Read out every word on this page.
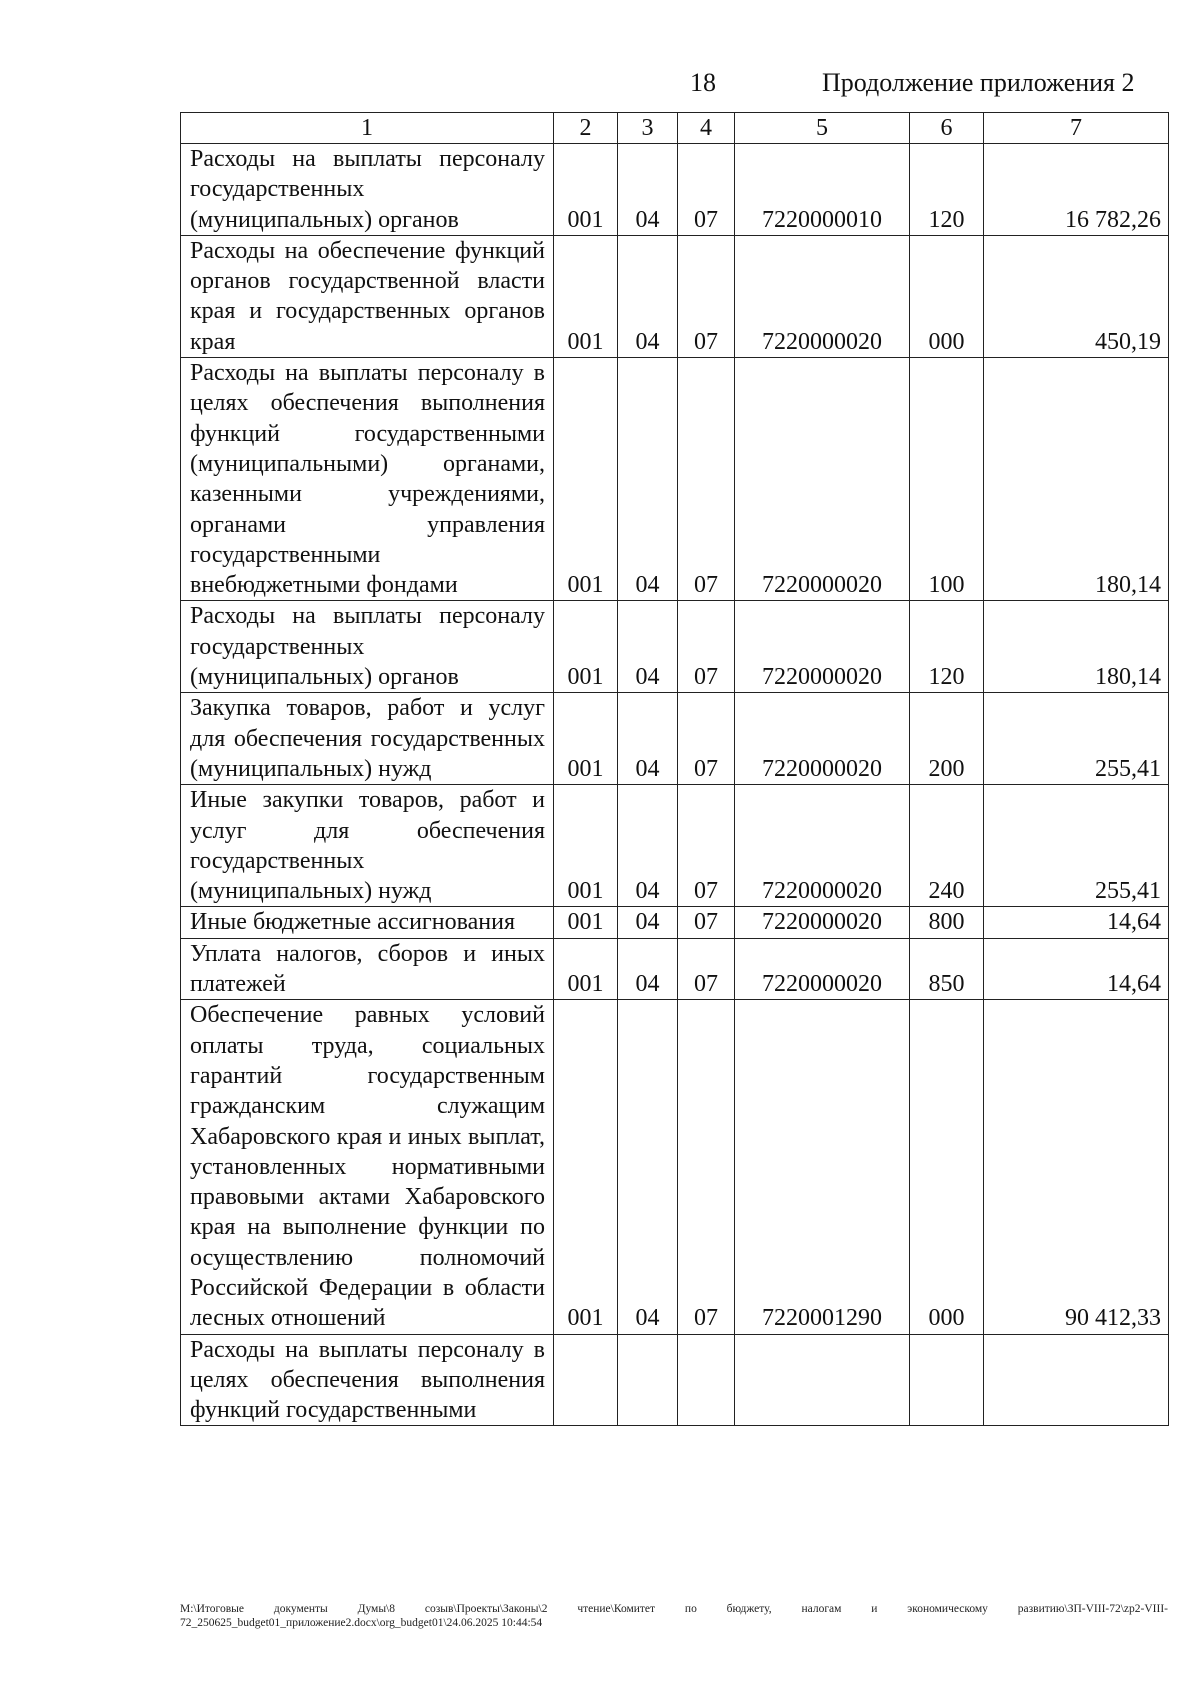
18	Продолжение приложения 2
1	2	3	4	5	6	7
Расходы на выплаты персоналу государственных (муниципальных) органов	001	04	07	7220000010	120	16 782,26
Расходы на обеспечение функций органов государственной власти края и государственных органов края	001	04	07	7220000020	000	450,19
Расходы на выплаты персоналу в целях обеспечения выполнения функций государственными (муниципальными) органами, казенными учреждениями, органами управления государственными внебюджетными фондами	001	04	07	7220000020	100	180,14
Расходы на выплаты персоналу государственных (муниципальных) органов	001	04	07	7220000020	120	180,14
Закупка товаров, работ и услуг для обеспечения государственных (муниципальных) нужд	001	04	07	7220000020	200	255,41
Иные закупки товаров, работ и услуг для обеспечения государственных (муниципальных) нужд	001	04	07	7220000020	240	255,41
Иные бюджетные ассигнования	001	04	07	7220000020	800	14,64
Уплата налогов, сборов и иных платежей	001	04	07	7220000020	850	14,64
Обеспечение равных условий оплаты труда, социальных гарантий государственным гражданским служащим Хабаровского края и иных выплат, установленных нормативными правовыми актами Хабаровского края на выполнение функции по осуществлению полномочий Российской Федерации в области лесных отношений	001	04	07	7220001290	000	90 412,33
Расходы на выплаты персоналу в целях обеспечения выполнения функций государственными						
M:\Итоговые документы Думы\8 созыв\Проекты\Законы\2 чтение\Комитет по бюджету, налогам и экономическому развитию\ЗП-VIII-72\zp2-VIII-72_250625_budget01_приложение2.docx\org_budget01\24.06.2025 10:44:54
